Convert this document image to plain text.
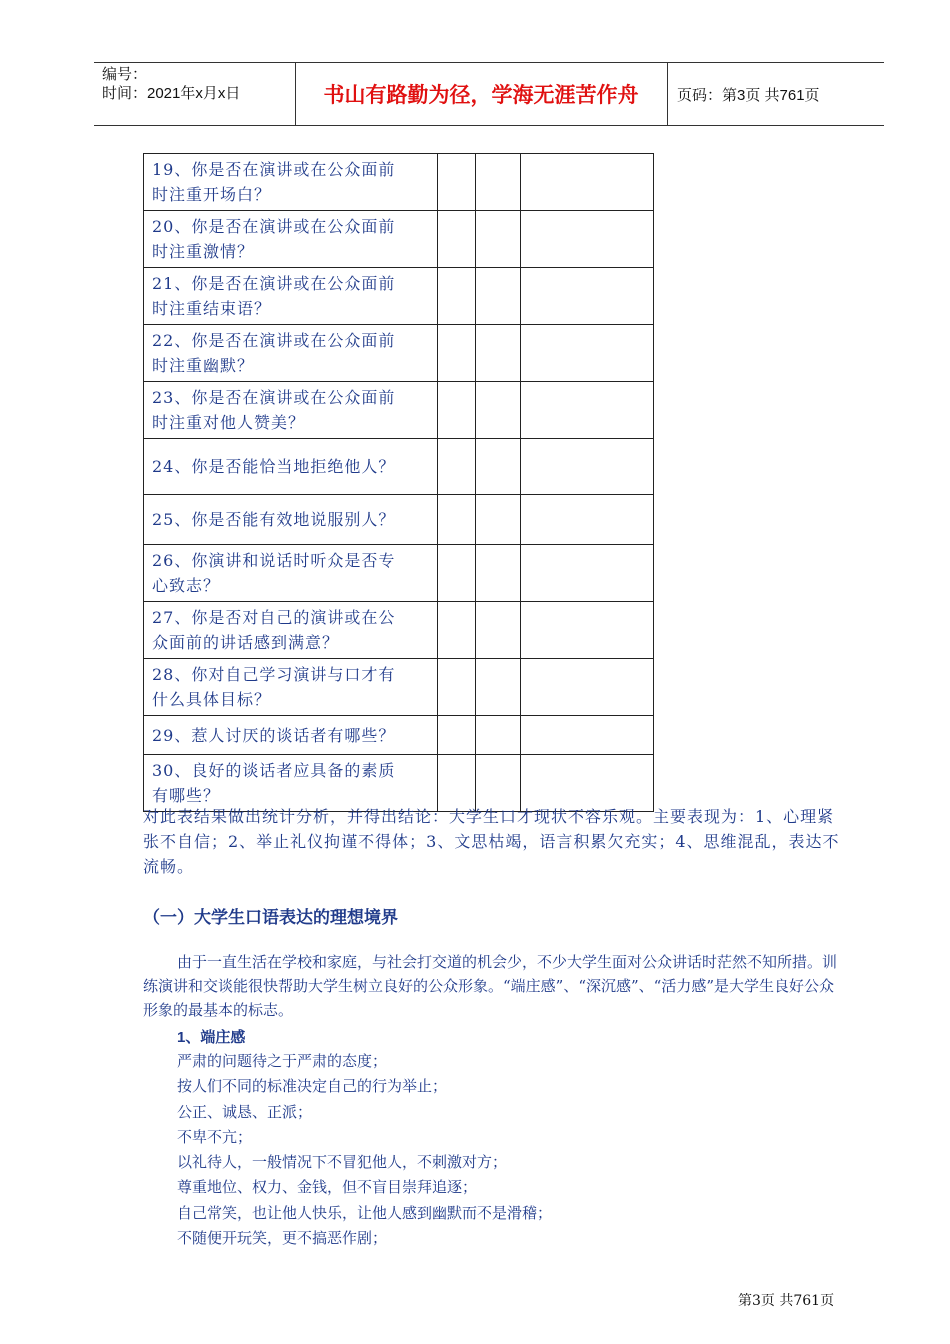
编号：
时间：2021年x月x日	书山有路勤为径，学海无涯苦作舟	页码：第3页 共761页
19、你是否在演讲或在公众面前
时注重开场白？			
20、你是否在演讲或在公众面前
时注重激情？			
21、你是否在演讲或在公众面前
时注重结束语？			
22、你是否在演讲或在公众面前
时注重幽默？			
23、你是否在演讲或在公众面前
时注重对他人赞美？			
24、你是否能恰当地拒绝他人？			
25、你是否能有效地说服别人？			
26、你演讲和说话时听众是否专
心致志？			
27、你是否对自己的演讲或在公
众面前的讲话感到满意？			
28、你对自己学习演讲与口才有
什么具体目标？			
29、惹人讨厌的谈话者有哪些？			
30、良好的谈话者应具备的素质
有哪些？			
对此表结果做出统计分析，并得出结论：大学生口才现状不容乐观。主要表现为：1、心理紧张不自信；2、举止礼仪拘谨不得体；3、文思枯竭，语言积累欠充实；4、思维混乱，表达不流畅。
（一）大学生口语表达的理想境界
由于一直生活在学校和家庭，与社会打交道的机会少，不少大学生面对公众讲话时茫然不知所措。训练演讲和交谈能很快帮助大学生树立良好的公众形象。“端庄感”、“深沉感”、“活力感”是大学生良好公众形象的最基本的标志。
1、端庄感
严肃的问题待之于严肃的态度；
按人们不同的标准决定自己的行为举止；
公正、诚恳、正派；
不卑不亢；
以礼待人，一般情况下不冒犯他人，不刺激对方；
尊重地位、权力、金钱，但不盲目崇拜追逐；
自己常笑，也让他人快乐，让他人感到幽默而不是滑稽；
不随便开玩笑，更不搞恶作剧；
第3页 共761页
